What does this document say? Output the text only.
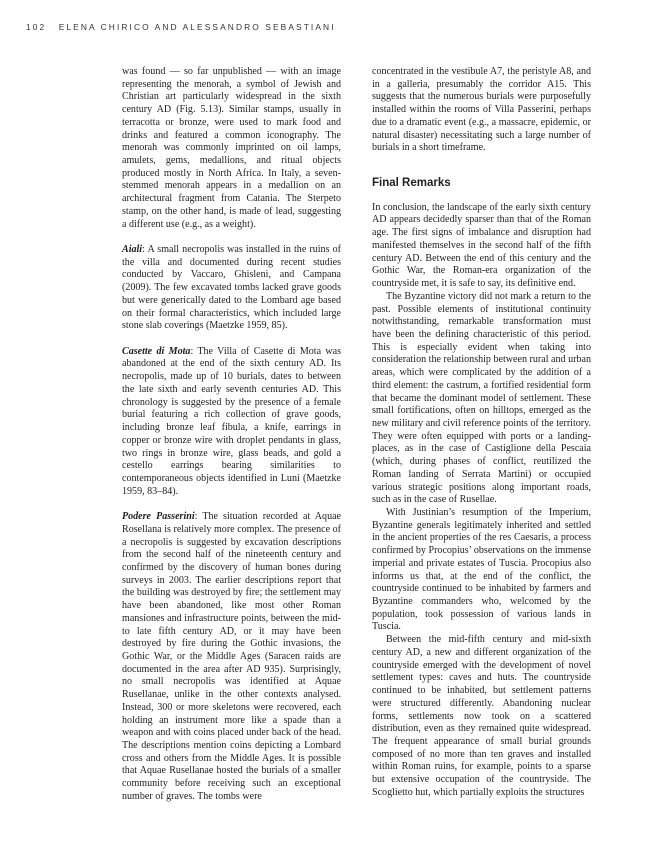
102 ELENA CHIRICO AND ALESSANDRO SEBASTIANI

was found — so far unpublished — with an image representing the menorah, a symbol of Jewish and Christian art particularly widespread in the sixth century AD (Fig. 5.13). Similar stamps, usually in terracotta or bronze, were used to mark food and drinks and featured a common iconography. The menorah was commonly imprinted on oil lamps, amulets, gems, medallions, and ritual objects produced mostly in North Africa. In Italy, a seven-stemmed menorah appears in a medallion on an architectural fragment from Catania. The Sterpeto stamp, on the other hand, is made of lead, suggesting a different use (e.g., as a weight).

Aiali: A small necropolis was installed in the ruins of the villa and documented during recent studies conducted by Vaccaro, Ghisleni, and Campana (2009). The few excavated tombs lacked grave goods but were generically dated to the Lombard age based on their formal characteristics, which included large stone slab coverings (Maetzke 1959, 85).

Casette di Mota: The Villa of Casette di Mota was abandoned at the end of the sixth century AD. Its necropolis, made up of 10 burials, dates to between the late sixth and early seventh centuries AD. This chronology is suggested by the presence of a female burial featuring a rich collection of grave goods, including bronze leaf fibula, a knife, earrings in copper or bronze wire with droplet pendants in glass, two rings in bronze wire, glass beads, and gold a cestello earrings bearing similarities to contemporaneous objects identified in Luni (Maetzke 1959, 83–84).

Podere Passerini: The situation recorded at Aquae Rosellana is relatively more complex. The presence of a necropolis is suggested by excavation descriptions from the second half of the nineteenth century and confirmed by the discovery of human bones during surveys in 2003. The earlier descriptions report that the building was destroyed by fire; the settlement may have been abandoned, like most other Roman mansiones and infrastructure points, between the mid- to late fifth century AD, or it may have been destroyed by fire during the Gothic invasions, the Gothic War, or the Middle Ages (Saracen raids are documented in the area after AD 935). Surprisingly, no small necropolis was identified at Aquae Rusellanae, unlike in the other contexts analysed. Instead, 300 or more skeletons were recovered, each holding an instrument more like a spade than a weapon and with coins placed under back of the head. The descriptions mention coins depicting a Lombard cross and others from the Middle Ages. It is possible that Aquae Rusellanae hosted the burials of a smaller community before receiving such an exceptional number of graves. The tombs were

concentrated in the vestibule A7, the peristyle A8, and in a galleria, presumably the corridor A15. This suggests that the numerous burials were purposefully installed within the rooms of Villa Passerini, perhaps due to a dramatic event (e.g., a massacre, epidemic, or natural disaster) necessitating such a large number of burials in a short timeframe.

Final Remarks

In conclusion, the landscape of the early sixth century AD appears decidedly sparser than that of the Roman age. The first signs of imbalance and disruption had manifested themselves in the second half of the fifth century AD. Between the end of this century and the Gothic War, the Roman-era organization of the countryside met, it is safe to say, its definitive end.

The Byzantine victory did not mark a return to the past. Possible elements of institutional continuity notwithstanding, remarkable transformation must have been the defining characteristic of this period. This is especially evident when taking into consideration the relationship between rural and urban areas, which were complicated by the addition of a third element: the castrum, a fortified residential form that became the dominant model of settlement. These small fortifications, often on hilltops, emerged as the new military and civil reference points of the territory. They were often equipped with ports or a landing-places, as in the case of Castiglione della Pescaia (which, during phases of conflict, reutilized the Roman landing of Serrata Martini) or occupied various strategic positions along important roads, such as in the case of Rusellae.

With Justinian’s resumption of the Imperium, Byzantine generals legitimately inherited and settled in the ancient properties of the res Caesaris, a process confirmed by Procopius’ observations on the immense imperial and private estates of Tuscia. Procopius also informs us that, at the end of the conflict, the countryside continued to be inhabited by farmers and Byzantine commanders who, welcomed by the population, took possession of various lands in Tuscia.

Between the mid-fifth century and mid-sixth century AD, a new and different organization of the countryside emerged with the development of novel settlement types: caves and huts. The countryside continued to be inhabited, but settlement patterns were structured differently. Abandoning nuclear forms, settlements now took on a scattered distribution, even as they remained quite widespread. The frequent appearance of small burial grounds composed of no more than ten graves and installed within Roman ruins, for example, points to a sparse but extensive occupation of the countryside. The Scoglietto hut, which partially exploits the structures
